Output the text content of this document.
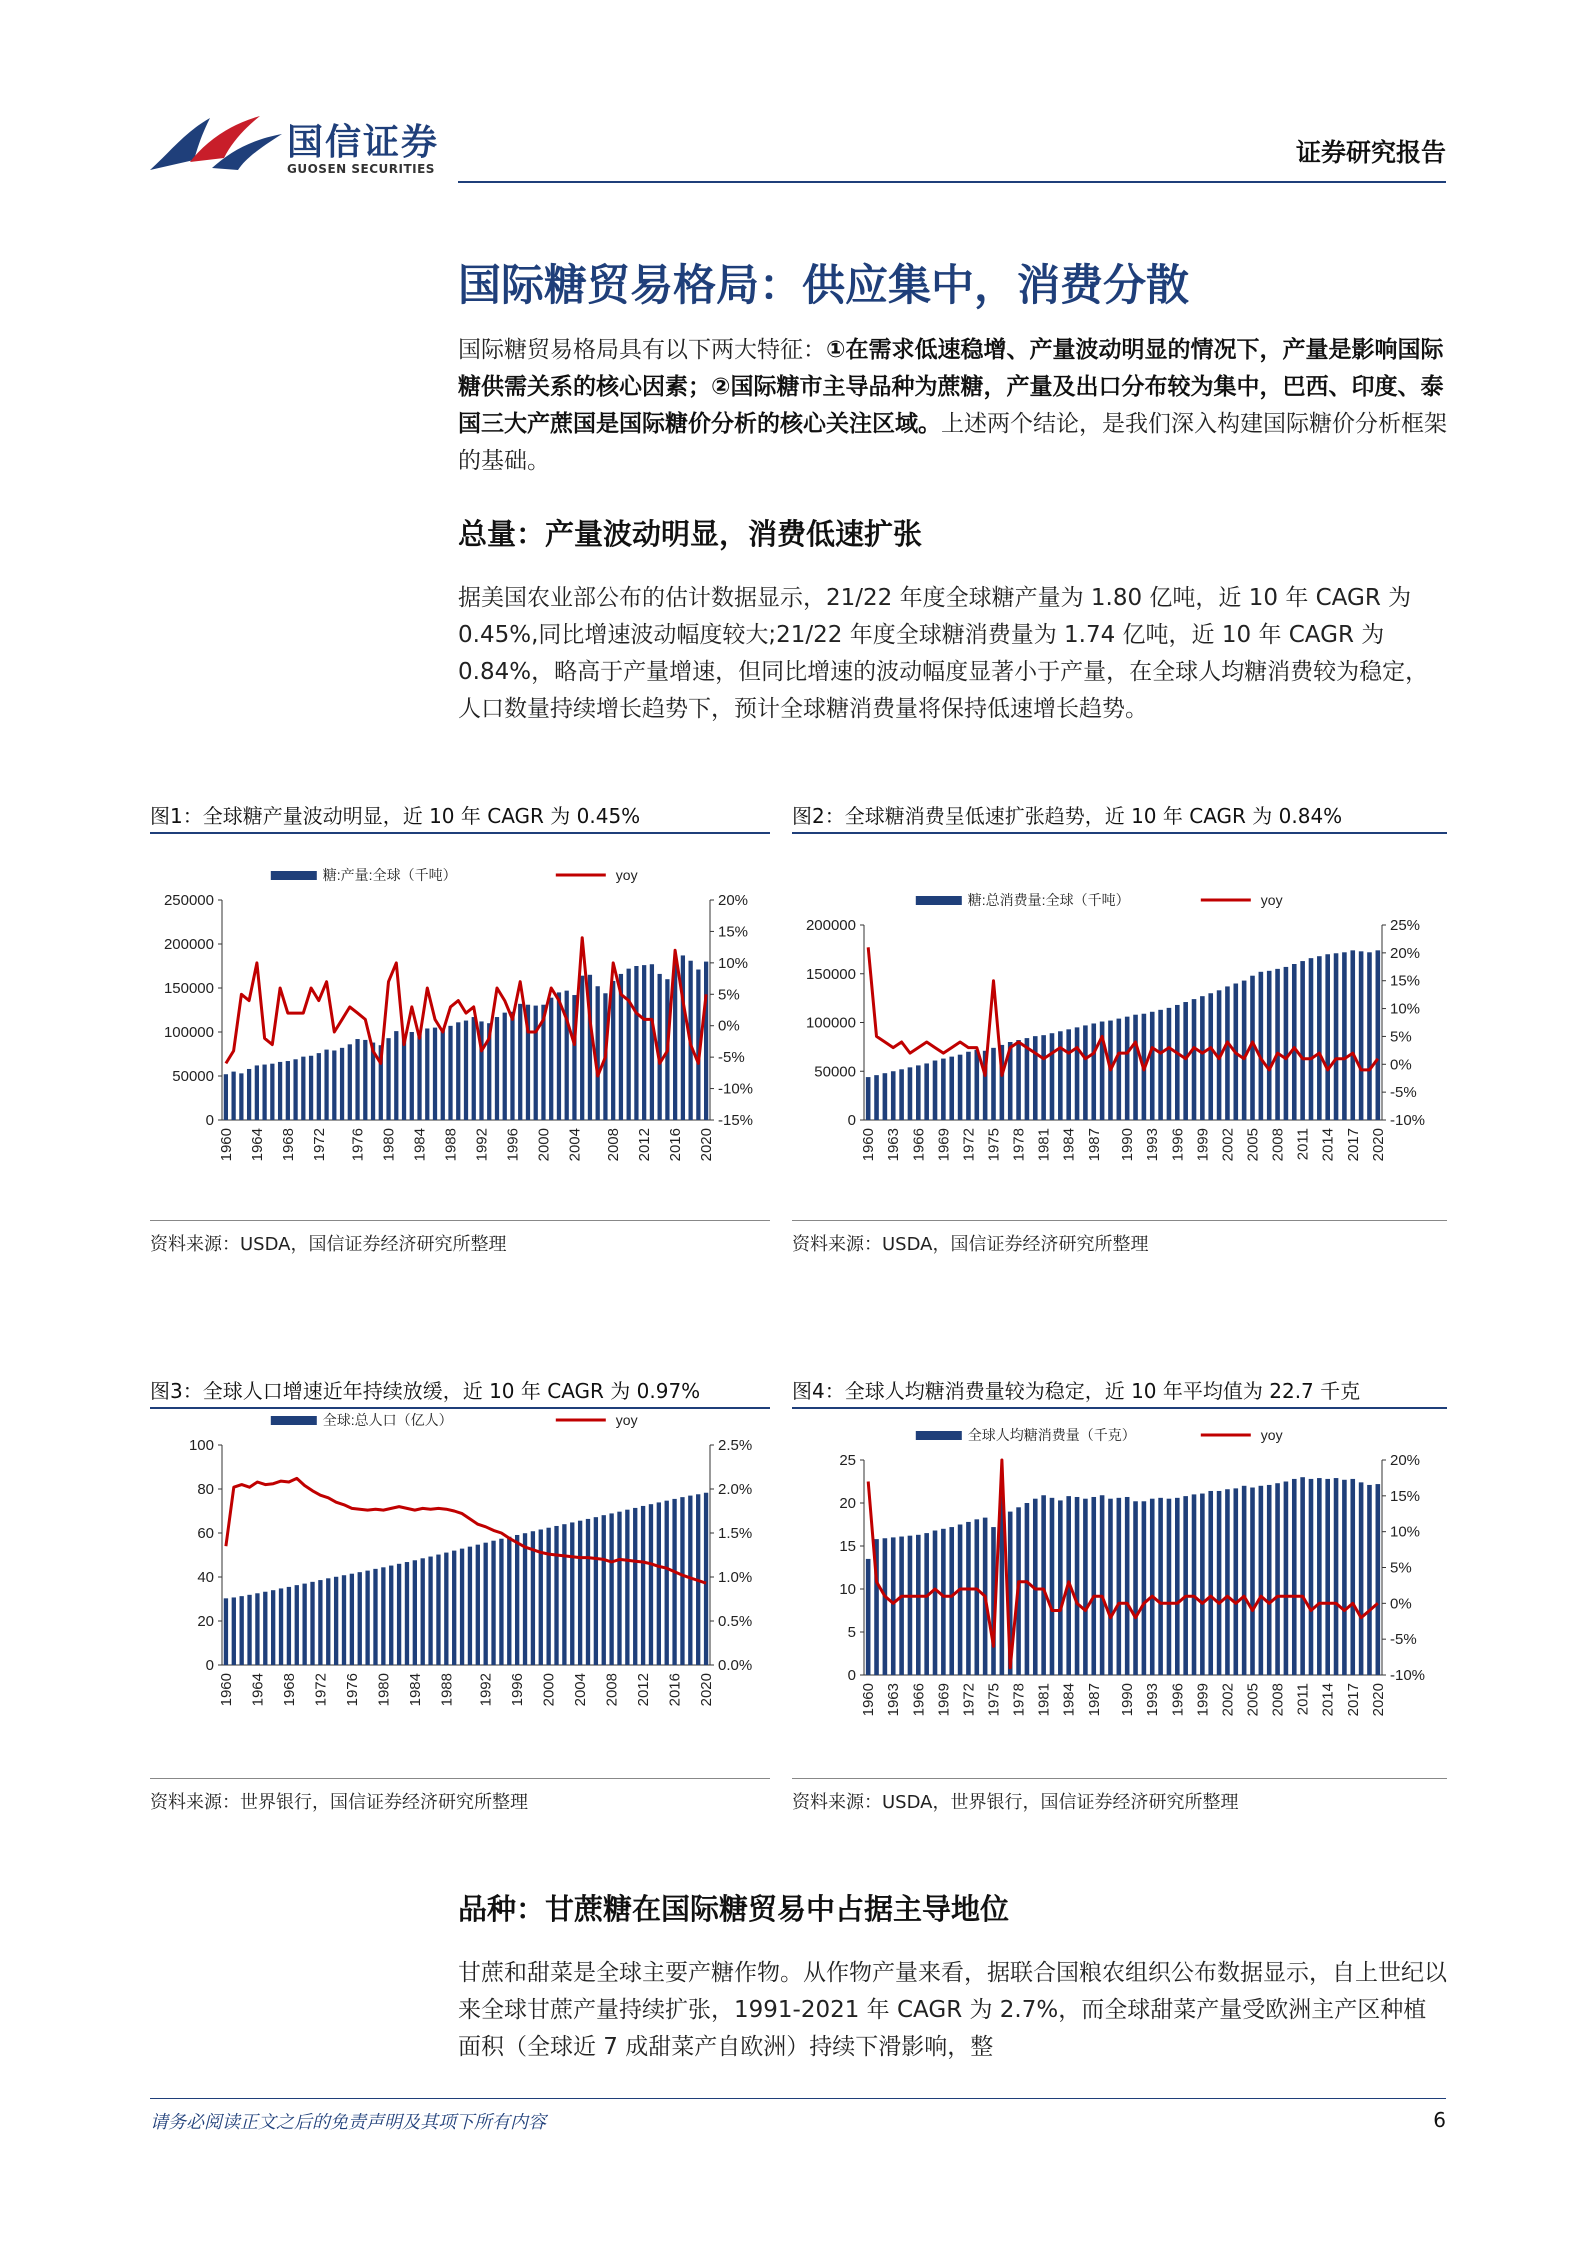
国信证券
GUOSEN SECURITIES
证券研究报告
国际糖贸易格局：供应集中，消费分散
国际糖贸易格局具有以下两大特征：①在需求低速稳增、产量波动明显的情况下，产量是影响国际糖供需关系的核心因素；②国际糖市主导品种为蔗糖，产量及出口分布较为集中，巴西、印度、泰国三大产蔗国是国际糖价分析的核心关注区域。上述两个结论，是我们深入构建国际糖价分析框架的基础。
总量：产量波动明显，消费低速扩张
据美国农业部公布的估计数据显示，21/22 年度全球糖产量为 1.80 亿吨，近 10 年 CAGR 为 0.45%,同比增速波动幅度较大;21/22 年度全球糖消费量为 1.74 亿吨，近 10 年 CAGR 为 0.84%，略高于产量增速，但同比增速的波动幅度显著小于产量，在全球人均糖消费较为稳定，人口数量持续增长趋势下，预计全球糖消费量将保持低速增长趋势。
图1：全球糖产量波动明显，近 10 年 CAGR 为 0.45%
糖:产量:全球（千吨）	yoy
250000
200000
150000
100000
50000
0
20%
15%
10%
5%
0%
-5%
-10%
-15%
1960 1964 1968 1972 1976 1980 1984 1988 1992 1996 2000 2004 2008 2012 2016 2020
资料来源：USDA，国信证券经济研究所整理
图2：全球糖消费呈低速扩张趋势，近 10 年 CAGR 为 0.84%
糖:总消费量:全球（千吨）	yoy
200000
150000
100000
50000
0
25%
20%
15%
10%
5%
0%
-5%
-10%
1960 1963 1966 1969 1972 1975 1978 1981 1984 1987 1990 1993 1996 1999 2002 2005 2008 2011 2014 2017 2020
资料来源：USDA，国信证券经济研究所整理
图3：全球人口增速近年持续放缓，近 10 年 CAGR 为 0.97%
全球:总人口（亿人）	yoy
100
80
60
40
20
0
2.5%
2.0%
1.5%
1.0%
0.5%
0.0%
1960 1964 1968 1972 1976 1980 1984 1988 1992 1996 2000 2004 2008 2012 2016 2020
资料来源：世界银行，国信证券经济研究所整理
图4：全球人均糖消费量较为稳定，近 10 年平均值为 22.7 千克
全球人均糖消费量（千克）	yoy
25
20
15
10
5
0
20%
15%
10%
5%
0%
-5%
-10%
1960 1963 1966 1969 1972 1975 1978 1981 1984 1987 1990 1993 1996 1999 2002 2005 2008 2011 2014 2017 2020
资料来源：USDA，世界银行，国信证券经济研究所整理
品种：甘蔗糖在国际糖贸易中占据主导地位
甘蔗和甜菜是全球主要产糖作物。从作物产量来看，据联合国粮农组织公布数据显示，自上世纪以来全球甘蔗产量持续扩张，1991-2021 年 CAGR 为 2.7%，而全球甜菜产量受欧洲主产区种植面积（全球近 7 成甜菜产自欧洲）持续下滑影响，整
请务必阅读正文之后的免责声明及其项下所有内容	6
